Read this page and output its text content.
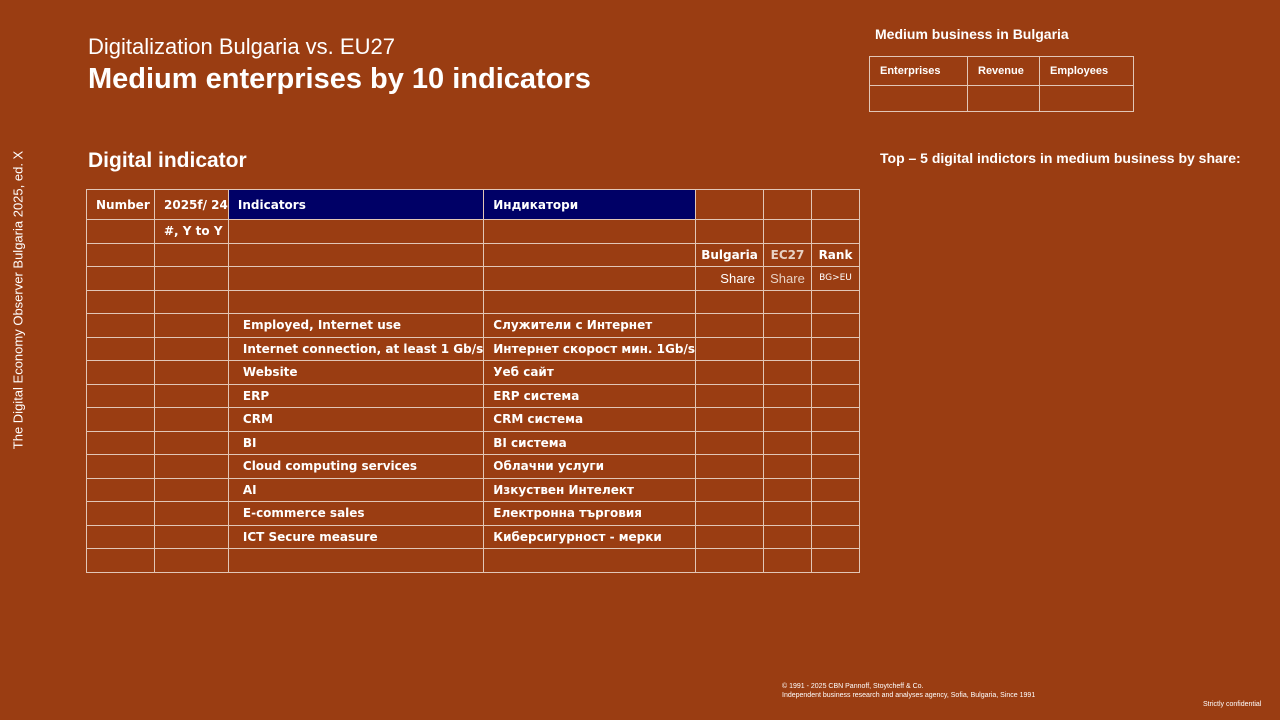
The Digital Economy Observer Bulgaria 2025, ed. X
Digitalization Bulgaria vs. EU27
Medium enterprises by 10 indicators
Digital indicator
Number	2025f/ 24	Indicators	Индикатори			
	#, Y to Y					
				Bulgaria	EC27	Rank
				Share	Share	BG>EU

		Employed, Internet use	Служители с Интернет			
		Internet connection, at least 1 Gb/s	Интернет скорост мин. 1Gb/s			
		Website	Уеб сайт			
		ERP	ERP система			
		CRM	CRM система			
		BI	BI система			
		Cloud computing services	Облачни услуги			
		AI	Изкуствен Интелект			
		E-commerce sales	Електронна търговия			
		ICT Secure measure	Киберсигурност - мерки			

Medium business in Bulgaria
Enterprises	Revenue	Employees

Top – 5 digital indictors in medium business by share:
© 1991 - 2025 CBN Pannoff, Stoytcheff & Co.
Independent business research and analyses agency, Sofia, Bulgaria, Since 1991
Strictly confidential
